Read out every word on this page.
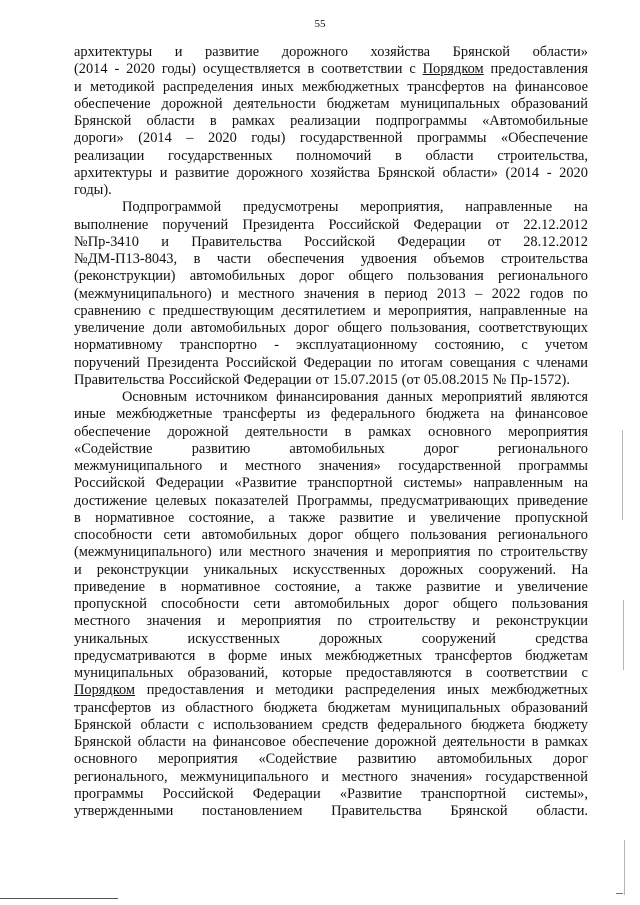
55
архитектуры и развитие дорожного хозяйства Брянской области»
(2014 - 2020 годы) осуществляется в соответствии с Порядком предоставления
и методикой распределения иных межбюджетных трансфертов на финансовое
обеспечение дорожной деятельности бюджетам муниципальных образований
Брянской области в рамках реализации подпрограммы «Автомобильные
дороги» (2014 – 2020 годы) государственной программы «Обеспечение
реализации государственных полномочий в области строительства,
архитектуры и развитие дорожного хозяйства Брянской области» (2014 - 2020
годы).
Подпрограммой предусмотрены мероприятия, направленные на
выполнение поручений Президента Российской Федерации от 22.12.2012
№Пр-3410 и Правительства Российской Федерации от 28.12.2012
№ДМ-П13-8043, в части обеспечения удвоения объемов строительства
(реконструкции) автомобильных дорог общего пользования регионального
(межмуниципального) и местного значения в период 2013 – 2022 годов по
сравнению с предшествующим десятилетием и мероприятия, направленные на
увеличение доли автомобильных дорог общего пользования, соответствующих
нормативному транспортно - эксплуатационному состоянию, с учетом
поручений Президента Российской Федерации по итогам совещания с членами
Правительства Российской Федерации от 15.07.2015 (от 05.08.2015 № Пр-1572).
Основным источником финансирования данных мероприятий являются
иные межбюджетные трансферты из федерального бюджета на финансовое
обеспечение дорожной деятельности в рамках основного мероприятия
«Содействие	развитию	автомобильных	дорог	регионального
межмуниципального и местного значения» государственной программы
Российской Федерации «Развитие транспортной системы» направленным на
достижение целевых показателей Программы, предусматривающих приведение
в нормативное состояние, а также развитие и увеличение пропускной
способности сети автомобильных дорог общего пользования регионального
(межмуниципального) или местного значения и мероприятия по строительству
и реконструкции уникальных искусственных дорожных сооружений. На
приведение в нормативное состояние, а также развитие и увеличение
пропускной способности сети автомобильных дорог общего пользования
местного значения и мероприятия по строительству и реконструкции
уникальных	искусственных	дорожных	сооружений	средства
предусматриваются в форме иных межбюджетных трансфертов бюджетам
муниципальных образований, которые предоставляются в соответствии с
Порядком предоставления и методики распределения иных межбюджетных
трансфертов из областного бюджета бюджетам муниципальных образований
Брянской области с использованием средств федерального бюджета бюджету
Брянской области на финансовое обеспечение дорожной деятельности в рамках
основного мероприятия «Содействие развитию автомобильных дорог
регионального, межмуниципального и местного значения» государственной
программы Российской Федерации «Развитие транспортной системы»,
утвержденными постановлением Правительства Брянской области.
